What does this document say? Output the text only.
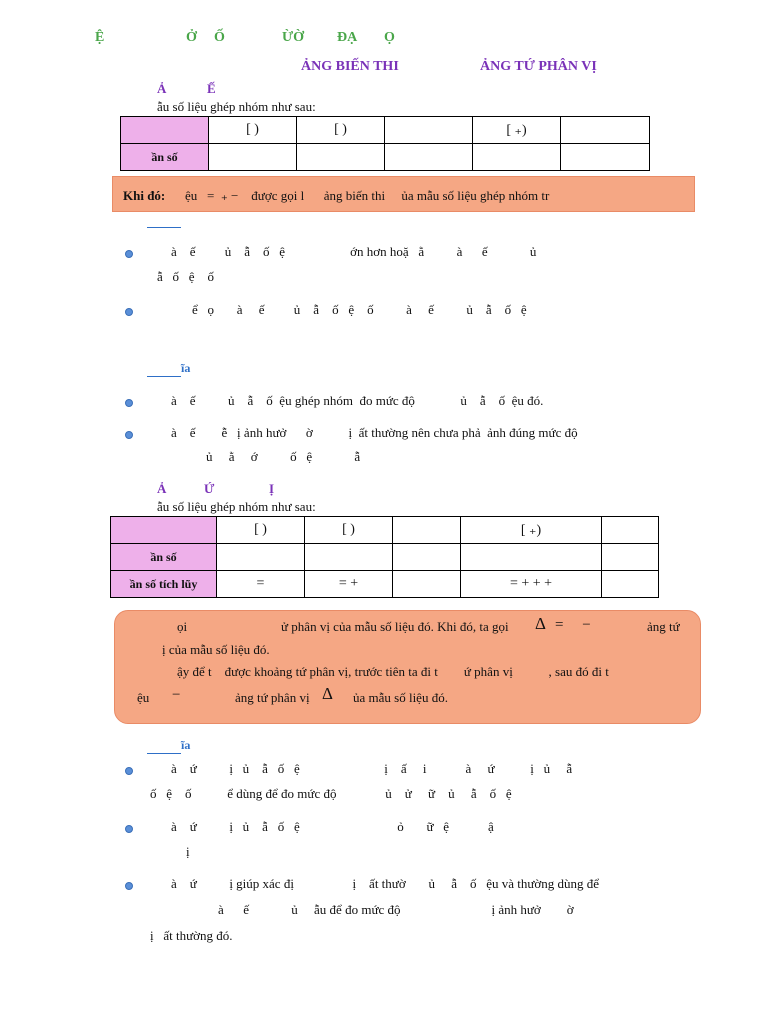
Ệ	Ở Ố	ỪỜ ĐẠ Ọ
ẢNG BIẾN THI	ẢNG TỨ PHÂN VỊ
Ả	Ế
ẫu số liệu ghép nhóm như sau:
	[ )	[ )		[ ₊)	
ần số					
Khi đó: ệu   =  ₊ −    được gọi l      ảng biến thi     ủa mẫu số liệu ghép nhóm tr
à    ế         ủ    ẫ    ố   ệ                    ớn hơn hoặ   ằ          à      ế             ủ
ẫ   ố   ệ    ố
ể   ọ       à     ế         ủ    ẫ    ố   ệ    ố          à     ế          ủ    ẫ    ố   ệ
ĩa
à    ế          ủ    ẫ    ố  ệu ghép nhóm  đo mức độ              ủ    ẫ    ố  ệu đó.
à    ế        ễ   ị ảnh hưở      ờ           ị  ất thường nên chưa phả  ảnh đúng mức độ
ủ     ằ     ớ          ố   ệ             ẫ
Ả	Ứ	Ị
ẫu số liệu ghép nhóm như sau:
	[ )	[ )		[ ₊)	
ần số					
ần số tích lũy	=	= +		= + + +	
ọi	ử phân vị của mẫu số liệu đó. Khi đó, ta gọi Δ =     −	ảng tứ
ị của mẫu số liệu đó.
ậy để t    được khoảng tứ phân vị, trước tiên ta đi t        ứ phân vị           , sau đó đi t
ệu −	ảng tứ phân vị Δ ủa mẫu số liệu đó.
ĩa
à    ứ          ị   ủ    ẫ   ố   ệ                          ị    ấ     i            à     ứ           ị   ủ     ẫ
ố   ệ    ố           ể dùng để đo mức độ               ủ    ử     ữ    ủ     ẫ    ố   ệ
à    ứ          ị   ủ    ẫ   ố   ệ                              ỏ       ữ   ệ            ậ
ị
à    ứ          ị giúp xác đị                  ị    ất thườ       ủ     ẫ    ố   ệu và thường dùng để
à      ế             ủ     ẫu để đo mức độ                            ị ảnh hưở        ờ
ị   ất thường đó.
